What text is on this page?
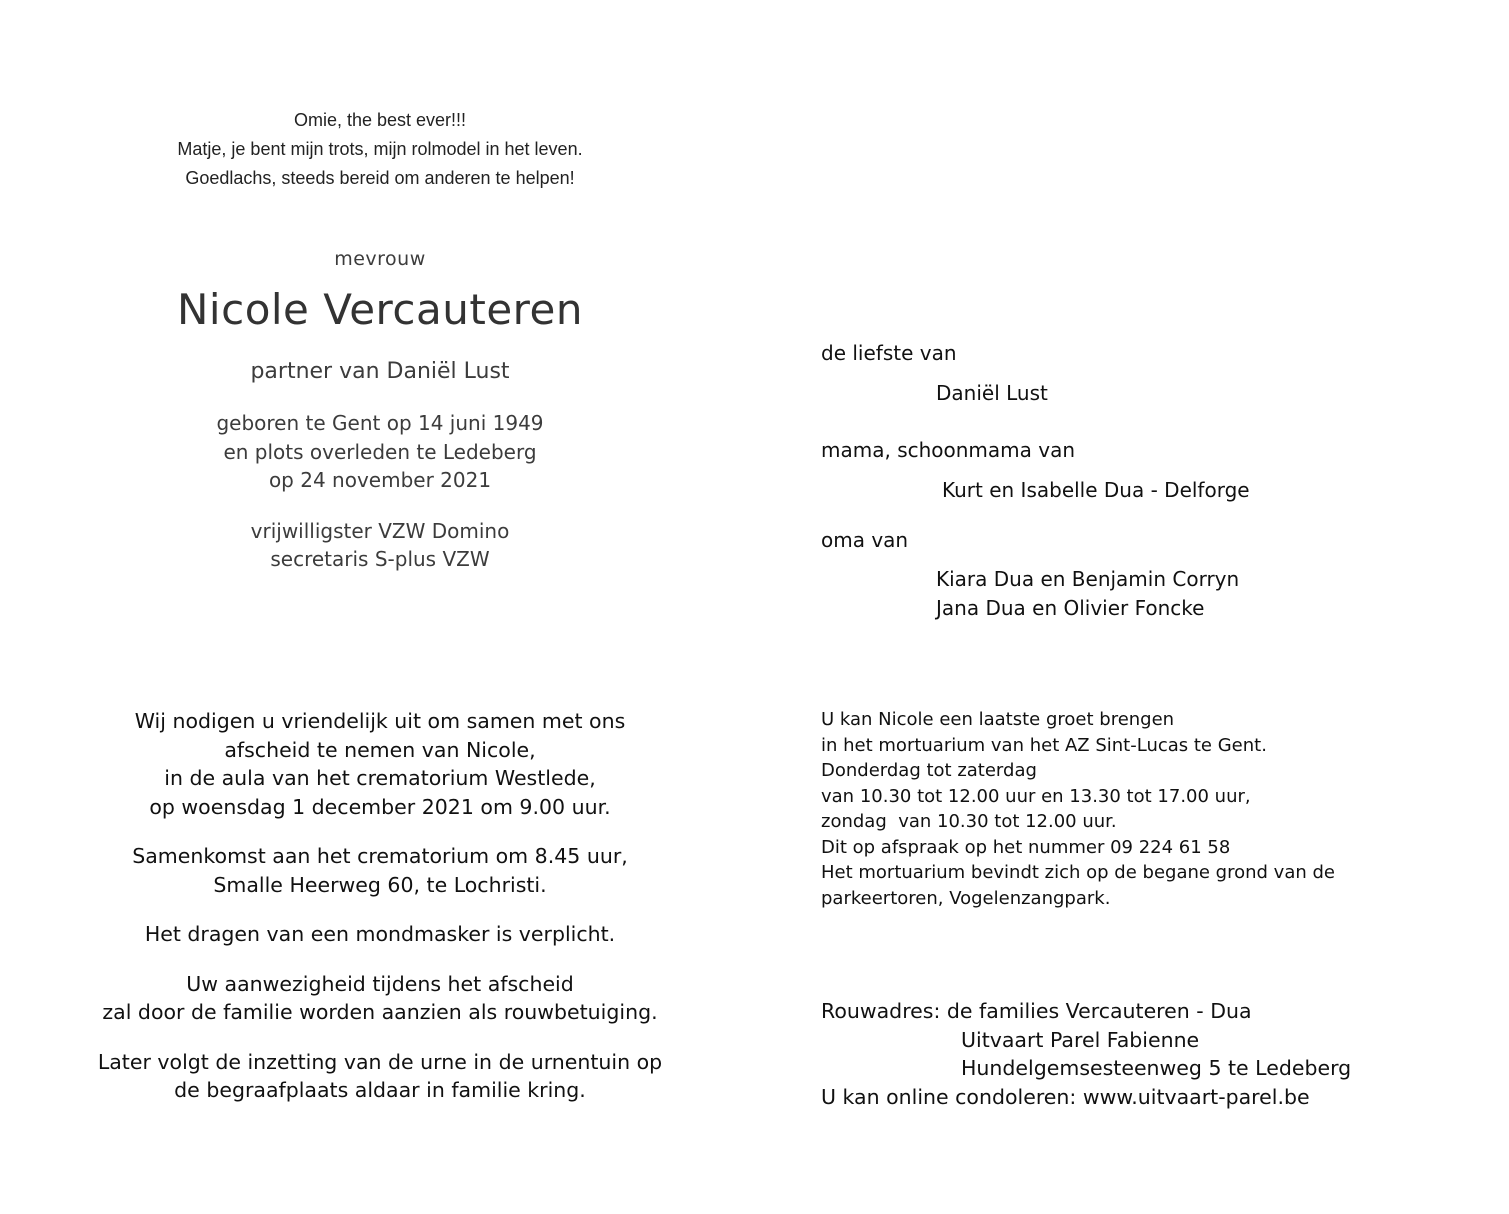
Omie, the best ever!!!
Matje, je bent mijn trots, mijn rolmodel in het leven.
Goedlachs, steeds bereid om anderen te helpen!
mevrouw
Nicole Vercauteren
partner van Daniël Lust
geboren te Gent op 14 juni 1949
en plots overleden te Ledeberg
op 24 november 2021
vrijwilligster VZW Domino
secretaris S-plus VZW
de liefste van
Daniël Lust
mama, schoonmama van
Kurt en Isabelle Dua - Delforge
oma van
Kiara Dua en Benjamin Corryn
Jana Dua en Olivier Foncke
Wij nodigen u vriendelijk uit om samen met ons
afscheid te nemen van Nicole,
in de aula van het crematorium Westlede,
op woensdag 1 december 2021 om 9.00 uur.
Samenkomst aan het crematorium om 8.45 uur,
Smalle Heerweg 60, te Lochristi.
Het dragen van een mondmasker is verplicht.
Uw aanwezigheid tijdens het afscheid
zal door de familie worden aanzien als rouwbetuiging.
Later volgt de inzetting van de urne in de urnentuin op
de begraafplaats aldaar in familie kring.
U kan Nicole een laatste groet brengen
in het mortuarium van het AZ Sint-Lucas te Gent.
Donderdag tot zaterdag
van 10.30 tot 12.00 uur en 13.30 tot 17.00 uur,
zondag  van 10.30 tot 12.00 uur.
Dit op afspraak op het nummer 09 224 61 58
Het mortuarium bevindt zich op de begane grond van de
parkeertoren, Vogelenzangpark.
Rouwadres: de families Vercauteren - Dua
Uitvaart Parel Fabienne
Hundelgemsesteenweg 5 te Ledeberg
U kan online condoleren: www.uitvaart-parel.be
